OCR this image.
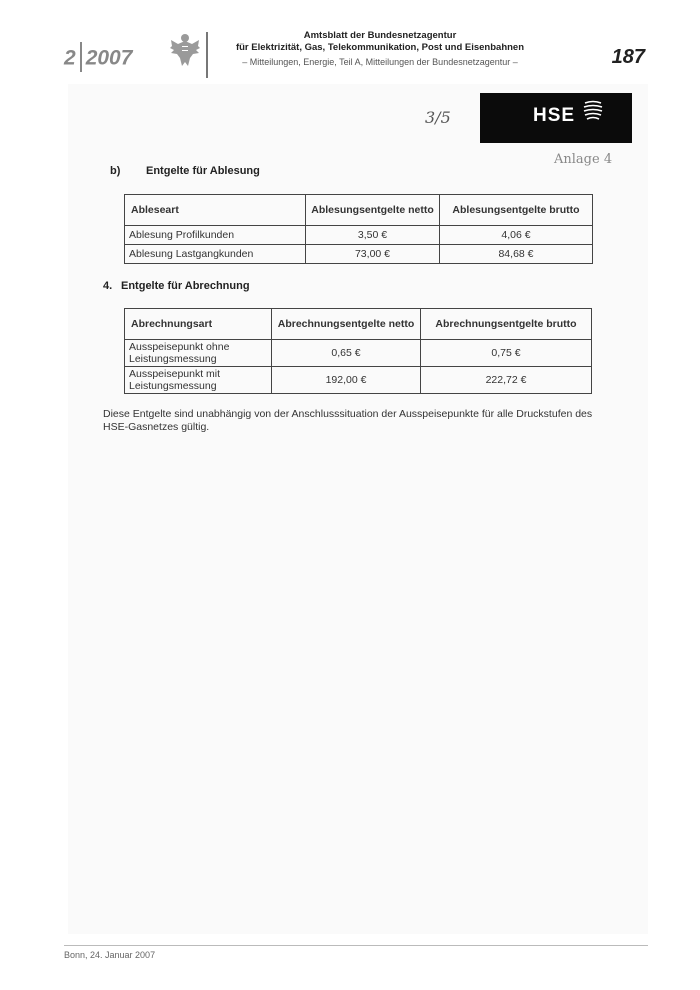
2 2007
Amtsblatt der Bundesnetzagentur
für Elektrizität, Gas, Telekommunikation, Post und Eisenbahnen
– Mitteilungen, Energie, Teil A, Mitteilungen der Bundesnetzagentur –	187
3/5	HSE
Anlage 4
b) Entgelte für Ablesung
Ableseart	Ablesungsentgelte netto	Ablesungsentgelte brutto
Ablesung Profilkunden	3,50 €	4,06 €
Ablesung Lastgangkunden	73,00 €	84,68 €
4. Entgelte für Abrechnung
Abrechnungsart	Abrechnungsentgelte netto	Abrechnungsentgelte brutto
Ausspeisepunkt ohne Leistungsmessung	0,65 €	0,75 €
Ausspeisepunkt mit Leistungsmessung	192,00 €	222,72 €
Diese Entgelte sind unabhängig von der Anschlusssituation der Ausspeisepunkte für alle Druckstufen des HSE-Gasnetzes gültig.
Bonn, 24. Januar 2007
